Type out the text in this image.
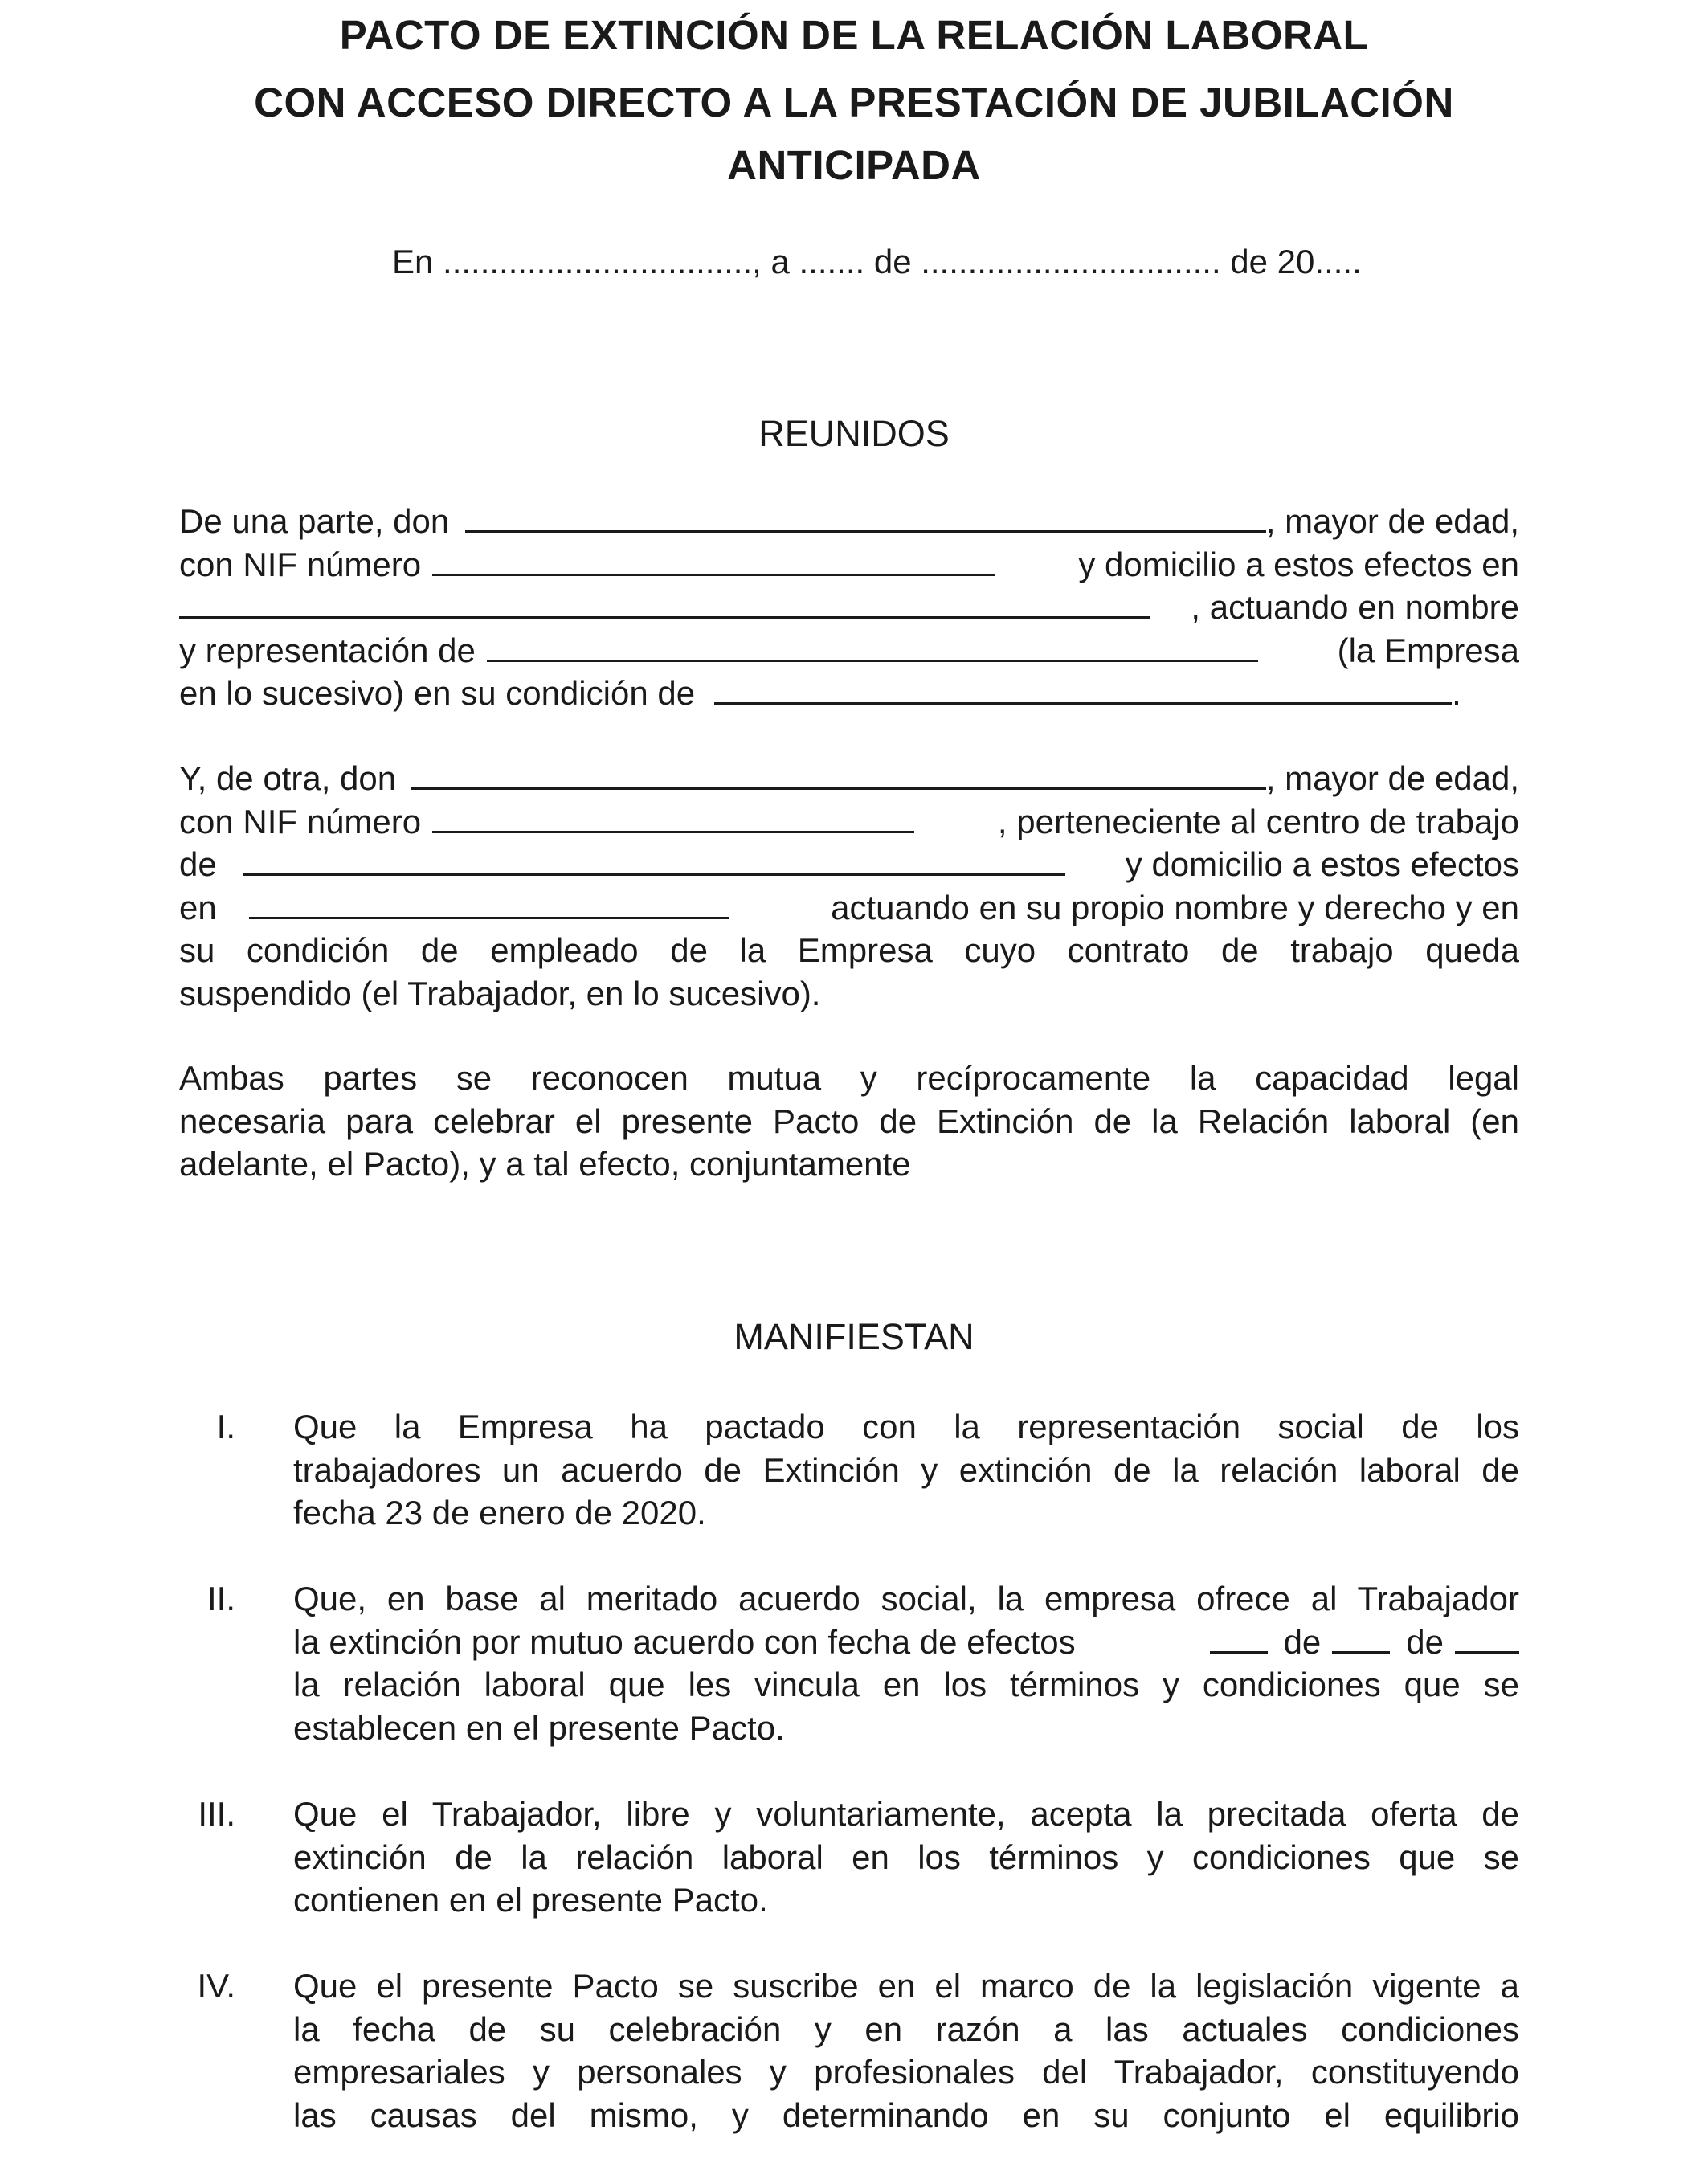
PACTO DE EXTINCIÓN DE LA RELACIÓN LABORAL
CON ACCESO DIRECTO A LA PRESTACIÓN DE JUBILACIÓN
ANTICIPADA
En ................................., a ....... de ................................ de 20.....
REUNIDOS
De una parte, don	, mayor de edad,
con NIF número	y domicilio a estos efectos en
, actuando en nombre
y representación de	(la Empresa
en lo sucesivo) en su condición de	.
Y, de otra, don	, mayor de edad,
con NIF número	, perteneciente al centro de trabajo
de	y domicilio a estos efectos
en	actuando en su propio nombre y derecho y en
su condición de empleado de la Empresa cuyo contrato de trabajo queda
suspendido (el Trabajador, en lo sucesivo).
Ambas partes se reconocen mutua y recíprocamente la capacidad legal
necesaria para celebrar el presente Pacto de Extinción de la Relación laboral (en
adelante, el Pacto), y a tal efecto, conjuntamente
MANIFIESTAN
I. Que la Empresa ha pactado con la representación social de los
trabajadores un acuerdo de Extinción y extinción de la relación laboral de
fecha 23 de enero de 2020.
II. Que, en base al meritado acuerdo social, la empresa ofrece al Trabajador
la extinción por mutuo acuerdo con fecha de efectos	de	de
la relación laboral que les vincula en los términos y condiciones que se
establecen en el presente Pacto.
III. Que el Trabajador, libre y voluntariamente, acepta la precitada oferta de
extinción de la relación laboral en los términos y condiciones que se
contienen en el presente Pacto.
IV. Que el presente Pacto se suscribe en el marco de la legislación vigente a
la fecha de su celebración y en razón a las actuales condiciones
empresariales y personales y profesionales del Trabajador, constituyendo
las causas del mismo, y determinando en su conjunto el equilibrio
